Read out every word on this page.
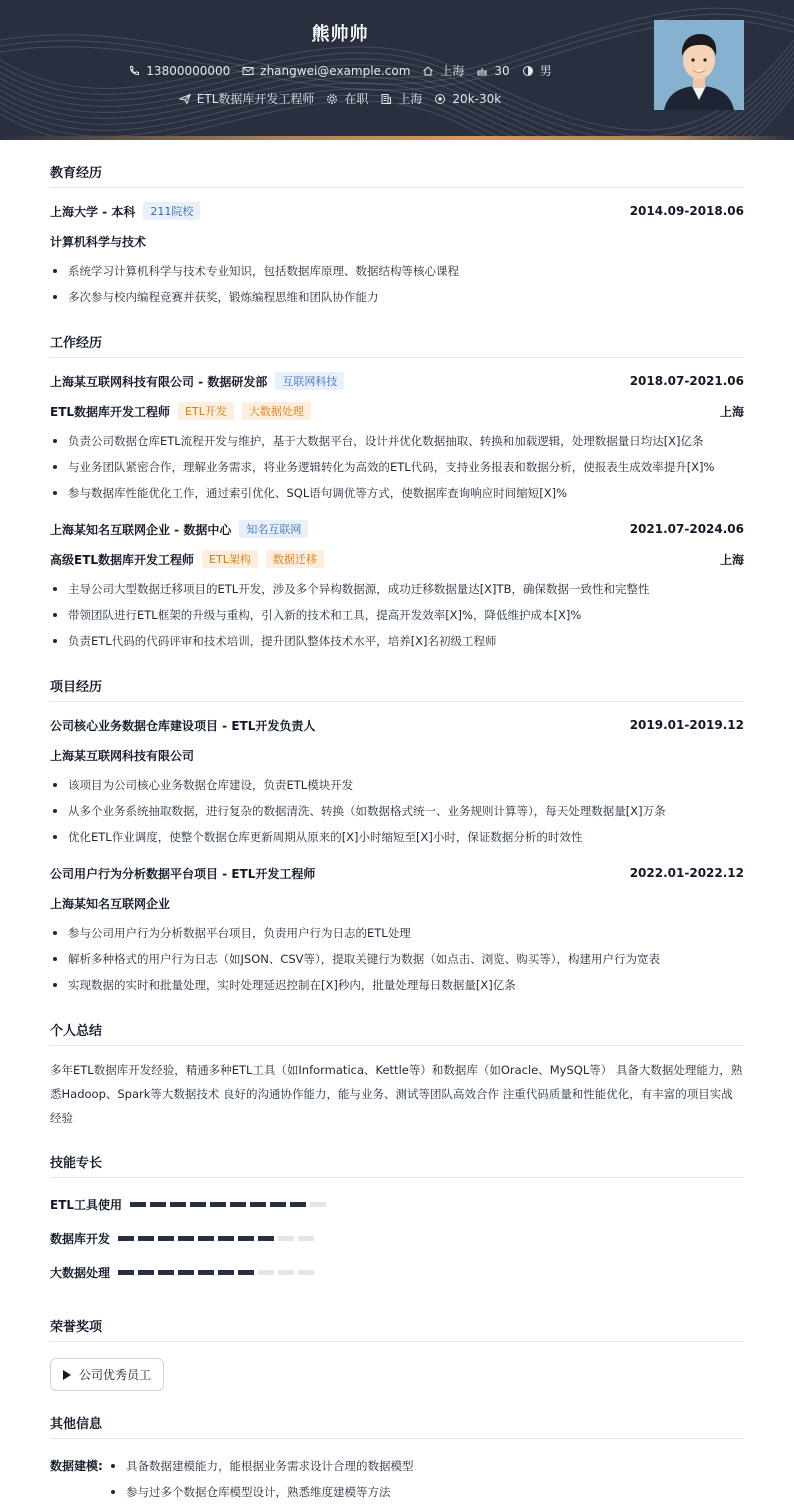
熊帅帅
13800000000	zhangwei@example.com	上海	30	男
ETL数据库开发工程师	在职	上海	20k-30k
教育经历
上海大学 - 本科	211院校	2014.09-2018.06
计算机科学与技术
系统学习计算机科学与技术专业知识，包括数据库原理、数据结构等核心课程
多次参与校内编程竞赛并获奖，锻炼编程思维和团队协作能力
工作经历
上海某互联网科技有限公司 - 数据研发部	互联网科技	2018.07-2021.06
ETL数据库开发工程师	ETL开发	大数据处理	上海
负责公司数据仓库ETL流程开发与维护，基于大数据平台，设计并优化数据抽取、转换和加载逻辑，处理数据量日均达[X]亿条
与业务团队紧密合作，理解业务需求，将业务逻辑转化为高效的ETL代码，支持业务报表和数据分析，使报表生成效率提升[X]%
参与数据库性能优化工作，通过索引优化、SQL语句调优等方式，使数据库查询响应时间缩短[X]%
上海某知名互联网企业 - 数据中心	知名互联网	2021.07-2024.06
高级ETL数据库开发工程师	ETL架构	数据迁移	上海
主导公司大型数据迁移项目的ETL开发，涉及多个异构数据源，成功迁移数据量达[X]TB，确保数据一致性和完整性
带领团队进行ETL框架的升级与重构，引入新的技术和工具，提高开发效率[X]%，降低维护成本[X]%
负责ETL代码的代码评审和技术培训，提升团队整体技术水平，培养[X]名初级工程师
项目经历
公司核心业务数据仓库建设项目 - ETL开发负责人	2019.01-2019.12
上海某互联网科技有限公司
该项目为公司核心业务数据仓库建设，负责ETL模块开发
从多个业务系统抽取数据，进行复杂的数据清洗、转换（如数据格式统一、业务规则计算等），每天处理数据量[X]万条
优化ETL作业调度，使整个数据仓库更新周期从原来的[X]小时缩短至[X]小时，保证数据分析的时效性
公司用户行为分析数据平台项目 - ETL开发工程师	2022.01-2022.12
上海某知名互联网企业
参与公司用户行为分析数据平台项目，负责用户行为日志的ETL处理
解析多种格式的用户行为日志（如JSON、CSV等），提取关键行为数据（如点击、浏览、购买等），构建用户行为宽表
实现数据的实时和批量处理，实时处理延迟控制在[X]秒内，批量处理每日数据量[X]亿条
个人总结
多年ETL数据库开发经验，精通多种ETL工具（如Informatica、Kettle等）和数据库（如Oracle、MySQL等） 具备大数据处理能力，熟悉Hadoop、Spark等大数据技术 良好的沟通协作能力，能与业务、测试等团队高效合作 注重代码质量和性能优化，有丰富的项目实战经验
技能专长
ETL工具使用
数据库开发
大数据处理
荣誉奖项
公司优秀员工
其他信息
数据建模:	具备数据建模能力，能根据业务需求设计合理的数据模型
参与过多个数据仓库模型设计，熟悉维度建模等方法
